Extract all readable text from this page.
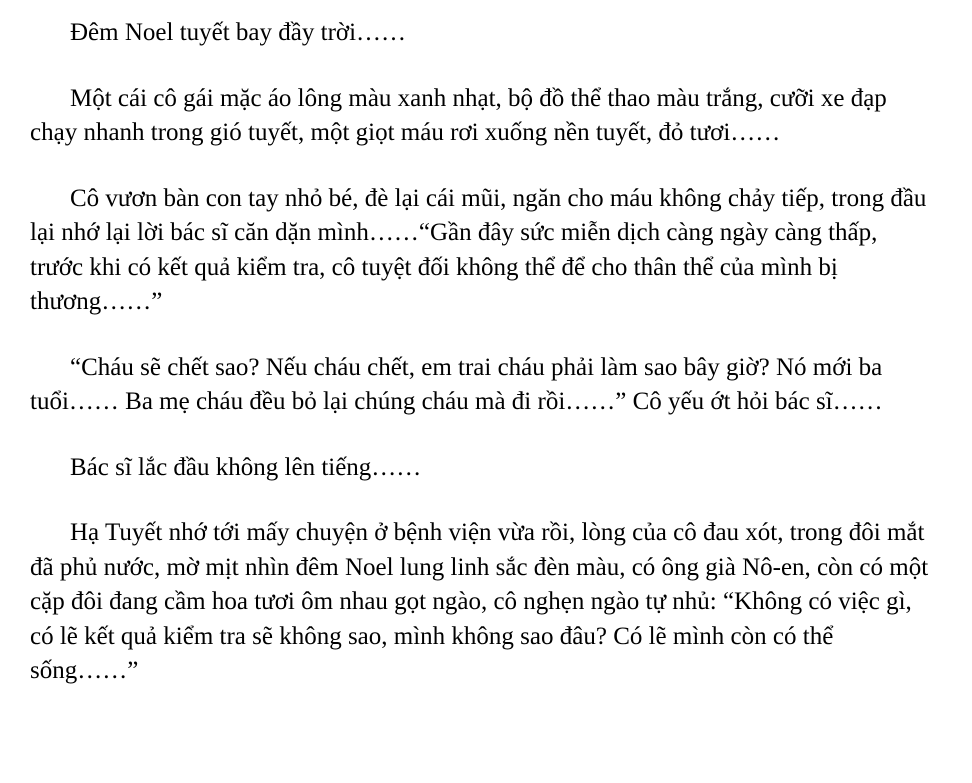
Đêm Noel tuyết bay đầy trời……

Một cái cô gái mặc áo lông màu xanh nhạt, bộ đồ thể thao màu trắng, cưỡi xe đạp chạy nhanh trong gió tuyết, một giọt máu rơi xuống nền tuyết, đỏ tươi……

Cô vươn bàn con tay nhỏ bé, đè lại cái mũi, ngăn cho máu không chảy tiếp, trong đầu lại nhớ lại lời bác sĩ căn dặn mình……“Gần đây sức miễn dịch càng ngày càng thấp, trước khi có kết quả kiểm tra, cô tuyệt đối không thể để cho thân thể của mình bị thương……”

“Cháu sẽ chết sao? Nếu cháu chết, em trai cháu phải làm sao bây giờ? Nó mới ba tuổi…… Ba mẹ cháu đều bỏ lại chúng cháu mà đi rồi……” Cô yếu ớt hỏi bác sĩ……

Bác sĩ lắc đầu không lên tiếng……

Hạ Tuyết nhớ tới mấy chuyện ở bệnh viện vừa rồi, lòng của cô đau xót, trong đôi mắt đã phủ nước, mờ mịt nhìn đêm Noel lung linh sắc đèn màu, có ông già Nô-en, còn có một cặp đôi đang cầm hoa tươi ôm nhau gọt ngào, cô nghẹn ngào tự nhủ: “Không có việc gì, có lẽ kết quả kiểm tra sẽ không sao, mình không sao đâu? Có lẽ mình còn có thể sống……”
